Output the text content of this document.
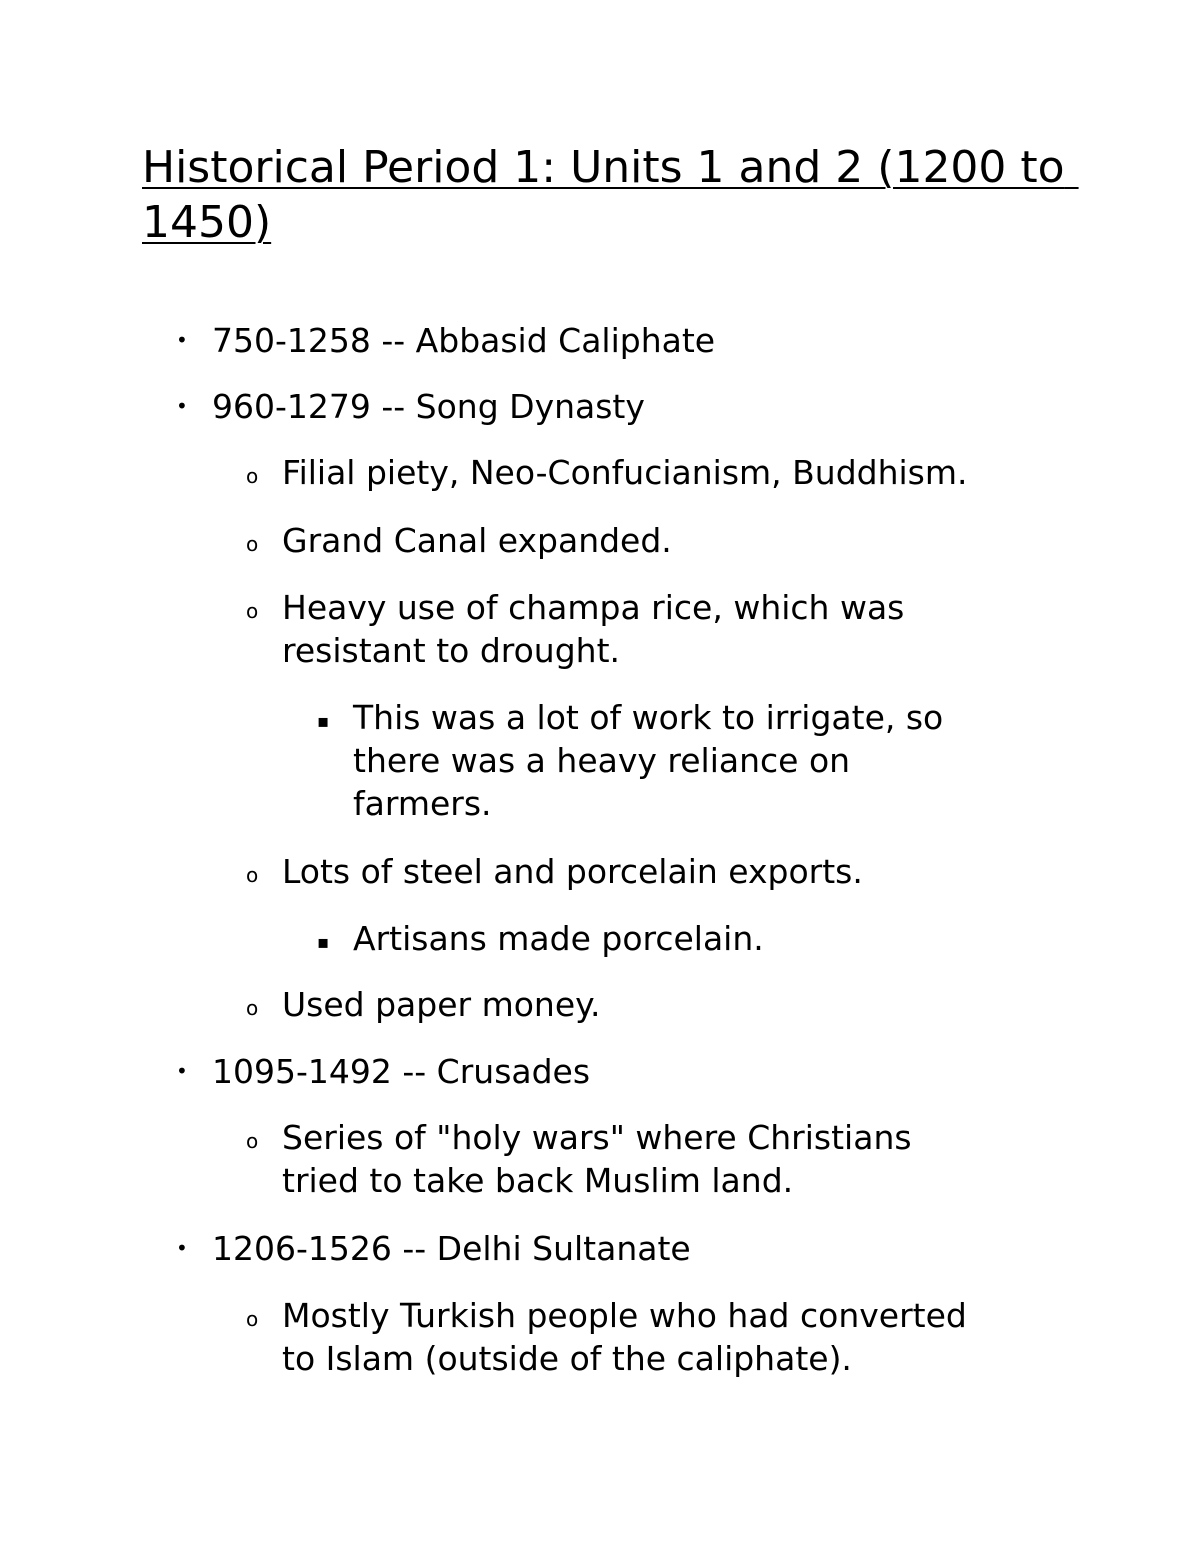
Historical Period 1: Units 1 and 2 (1200 to 1450)
• 750-1258 -- Abbasid Caliphate
• 960-1279 -- Song Dynasty
o Filial piety, Neo-Confucianism, Buddhism.
o Grand Canal expanded.
o Heavy use of champa rice, which was
resistant to drought.
▪ This was a lot of work to irrigate, so
there was a heavy reliance on
farmers.
o Lots of steel and porcelain exports.
▪ Artisans made porcelain.
o Used paper money.
• 1095-1492 -- Crusades
o Series of "holy wars" where Christians
tried to take back Muslim land.
• 1206-1526 -- Delhi Sultanate
o Mostly Turkish people who had converted
to Islam (outside of the caliphate).
